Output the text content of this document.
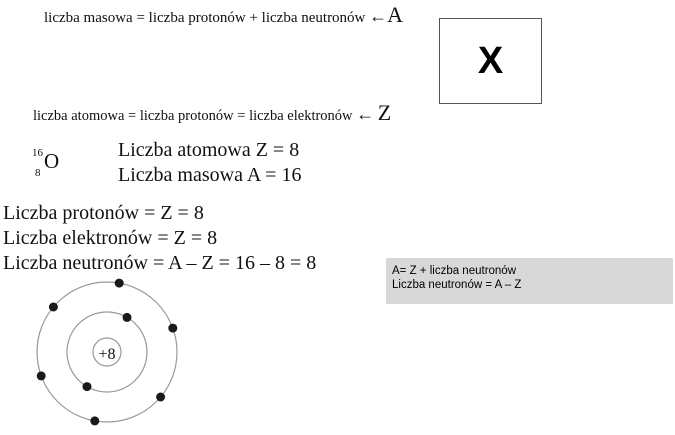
liczba masowa = liczba protonów + liczba neutronów ←A
X
liczba atomowa = liczba protonów = liczba elektronów ← Z
16
8 O	Liczba atomowa Z = 8
Liczba masowa A = 16
Liczba protonów = Z = 8
Liczba elektronów = Z = 8
Liczba neutronów = A – Z = 16 – 8 = 8	A= Z + liczba neutronów
Liczba neutronów = A – Z
+8
